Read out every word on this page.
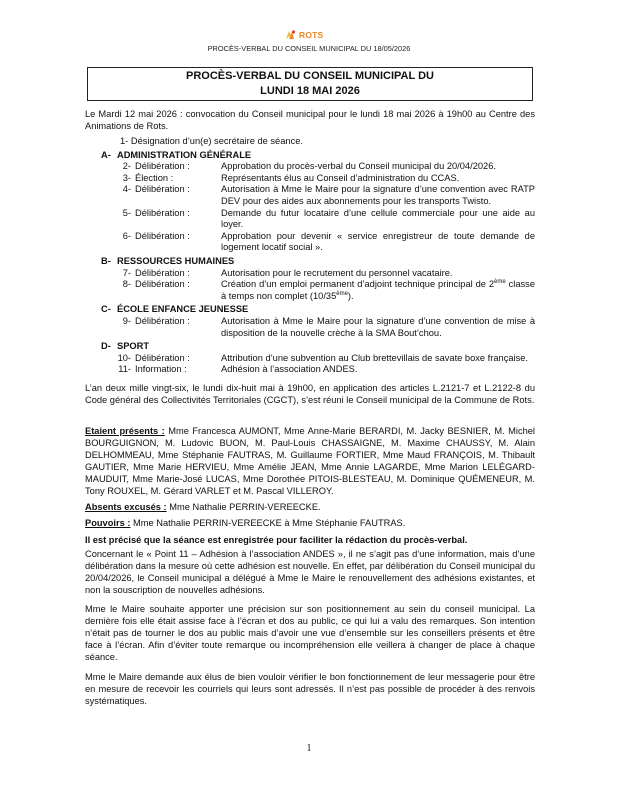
ROTS
PROCÈS-VERBAL DU CONSEIL MUNICIPAL DU 18/05/2026
PROCÈS-VERBAL DU CONSEIL MUNICIPAL DU
LUNDI 18 MAI 2026
Le Mardi 12 mai 2026 : convocation du Conseil municipal pour le lundi 18 mai 2026 à 19h00 au Centre des Animations de Rots.
1- Désignation d’un(e) secrétaire de séance.
A- ADMINISTRATION GÉNÉRALE
2- Délibération :	Approbation du procès-verbal du Conseil municipal du 20/04/2026.
3- Élection :	Représentants élus au Conseil d’administration du CCAS.
4- Délibération :	Autorisation à Mme le Maire pour la signature d’une convention avec RATP DEV pour des aides aux abonnements pour les transports Twisto.
5- Délibération :	Demande du futur locataire d’une cellule commerciale pour une aide au loyer.
6- Délibération :	Approbation pour devenir « service enregistreur de toute demande de logement locatif social ».
B- RESSOURCES HUMAINES
7- Délibération :	Autorisation pour le recrutement du personnel vacataire.
8- Délibération :	Création d’un emploi permanent d’adjoint technique principal de 2ème classe à temps non complet (10/35ème).
C- ÉCOLE ENFANCE JEUNESSE
9- Délibération :	Autorisation à Mme le Maire pour la signature d’une convention de mise à disposition de la nouvelle crèche à la SMA Bout’chou.
D- SPORT
10- Délibération :	Attribution d’une subvention au Club brettevillais de savate boxe française.
11- Information :	Adhésion à l’association ANDES.
L’an deux mille vingt-six, le lundi dix-huit mai à 19h00, en application des articles L.2121-7 et L.2122-8 du Code général des Collectivités Territoriales (CGCT), s’est réuni le Conseil municipal de la Commune de Rots.
Etaient présents : Mme Francesca AUMONT, Mme Anne-Marie BERARDI, M. Jacky BESNIER, M. Michel BOURGUIGNON, M. Ludovic BUON, M. Paul-Louis CHASSAIGNE, M. Maxime CHAUSSY, M. Alain DELHOMMEAU, Mme Stéphanie FAUTRAS, M. Guillaume FORTIER, Mme Maud FRANÇOIS, M. Thibault GAUTIER, Mme Marie HERVIEU, Mme Amélie JEAN, Mme Annie LAGARDE, Mme Marion LELÉGARD-MAUDUIT, Mme Marie-José LUCAS, Mme Dorothée PITOIS-BLESTEAU, M. Dominique QUÉMENEUR, M. Tony ROUXEL, M. Gérard VARLET et M. Pascal VILLEROY.
Absents excusés : Mme Nathalie PERRIN-VEREECKE.
Pouvoirs : Mme Nathalie PERRIN-VEREECKE à Mme Stéphanie FAUTRAS.
Il est précisé que la séance est enregistrée pour faciliter la rédaction du procès-verbal.
Concernant le « Point 11 – Adhésion à l’association ANDES », il ne s’agit pas d’une information, mais d’une délibération dans la mesure où cette adhésion est nouvelle. En effet, par délibération du Conseil municipal du 20/04/2026, le Conseil municipal a délégué à Mme le Maire le renouvellement des adhésions existantes, et non la souscription de nouvelles adhésions.
Mme le Maire souhaite apporter une précision sur son positionnement au sein du conseil municipal. La dernière fois elle était assise face à l’écran et dos au public, ce qui lui a valu des remarques. Son intention n’était pas de tourner le dos au public mais d’avoir une vue d’ensemble sur les conseillers présents et être face à l’écran. Afin d’éviter toute remarque ou incompréhension elle veillera à changer de place à chaque séance.
Mme le Maire demande aux élus de bien vouloir vérifier le bon fonctionnement de leur messagerie pour être en mesure de recevoir les courriels qui leurs sont adressés. Il n’est pas possible de procéder à des renvois systématiques.
1
